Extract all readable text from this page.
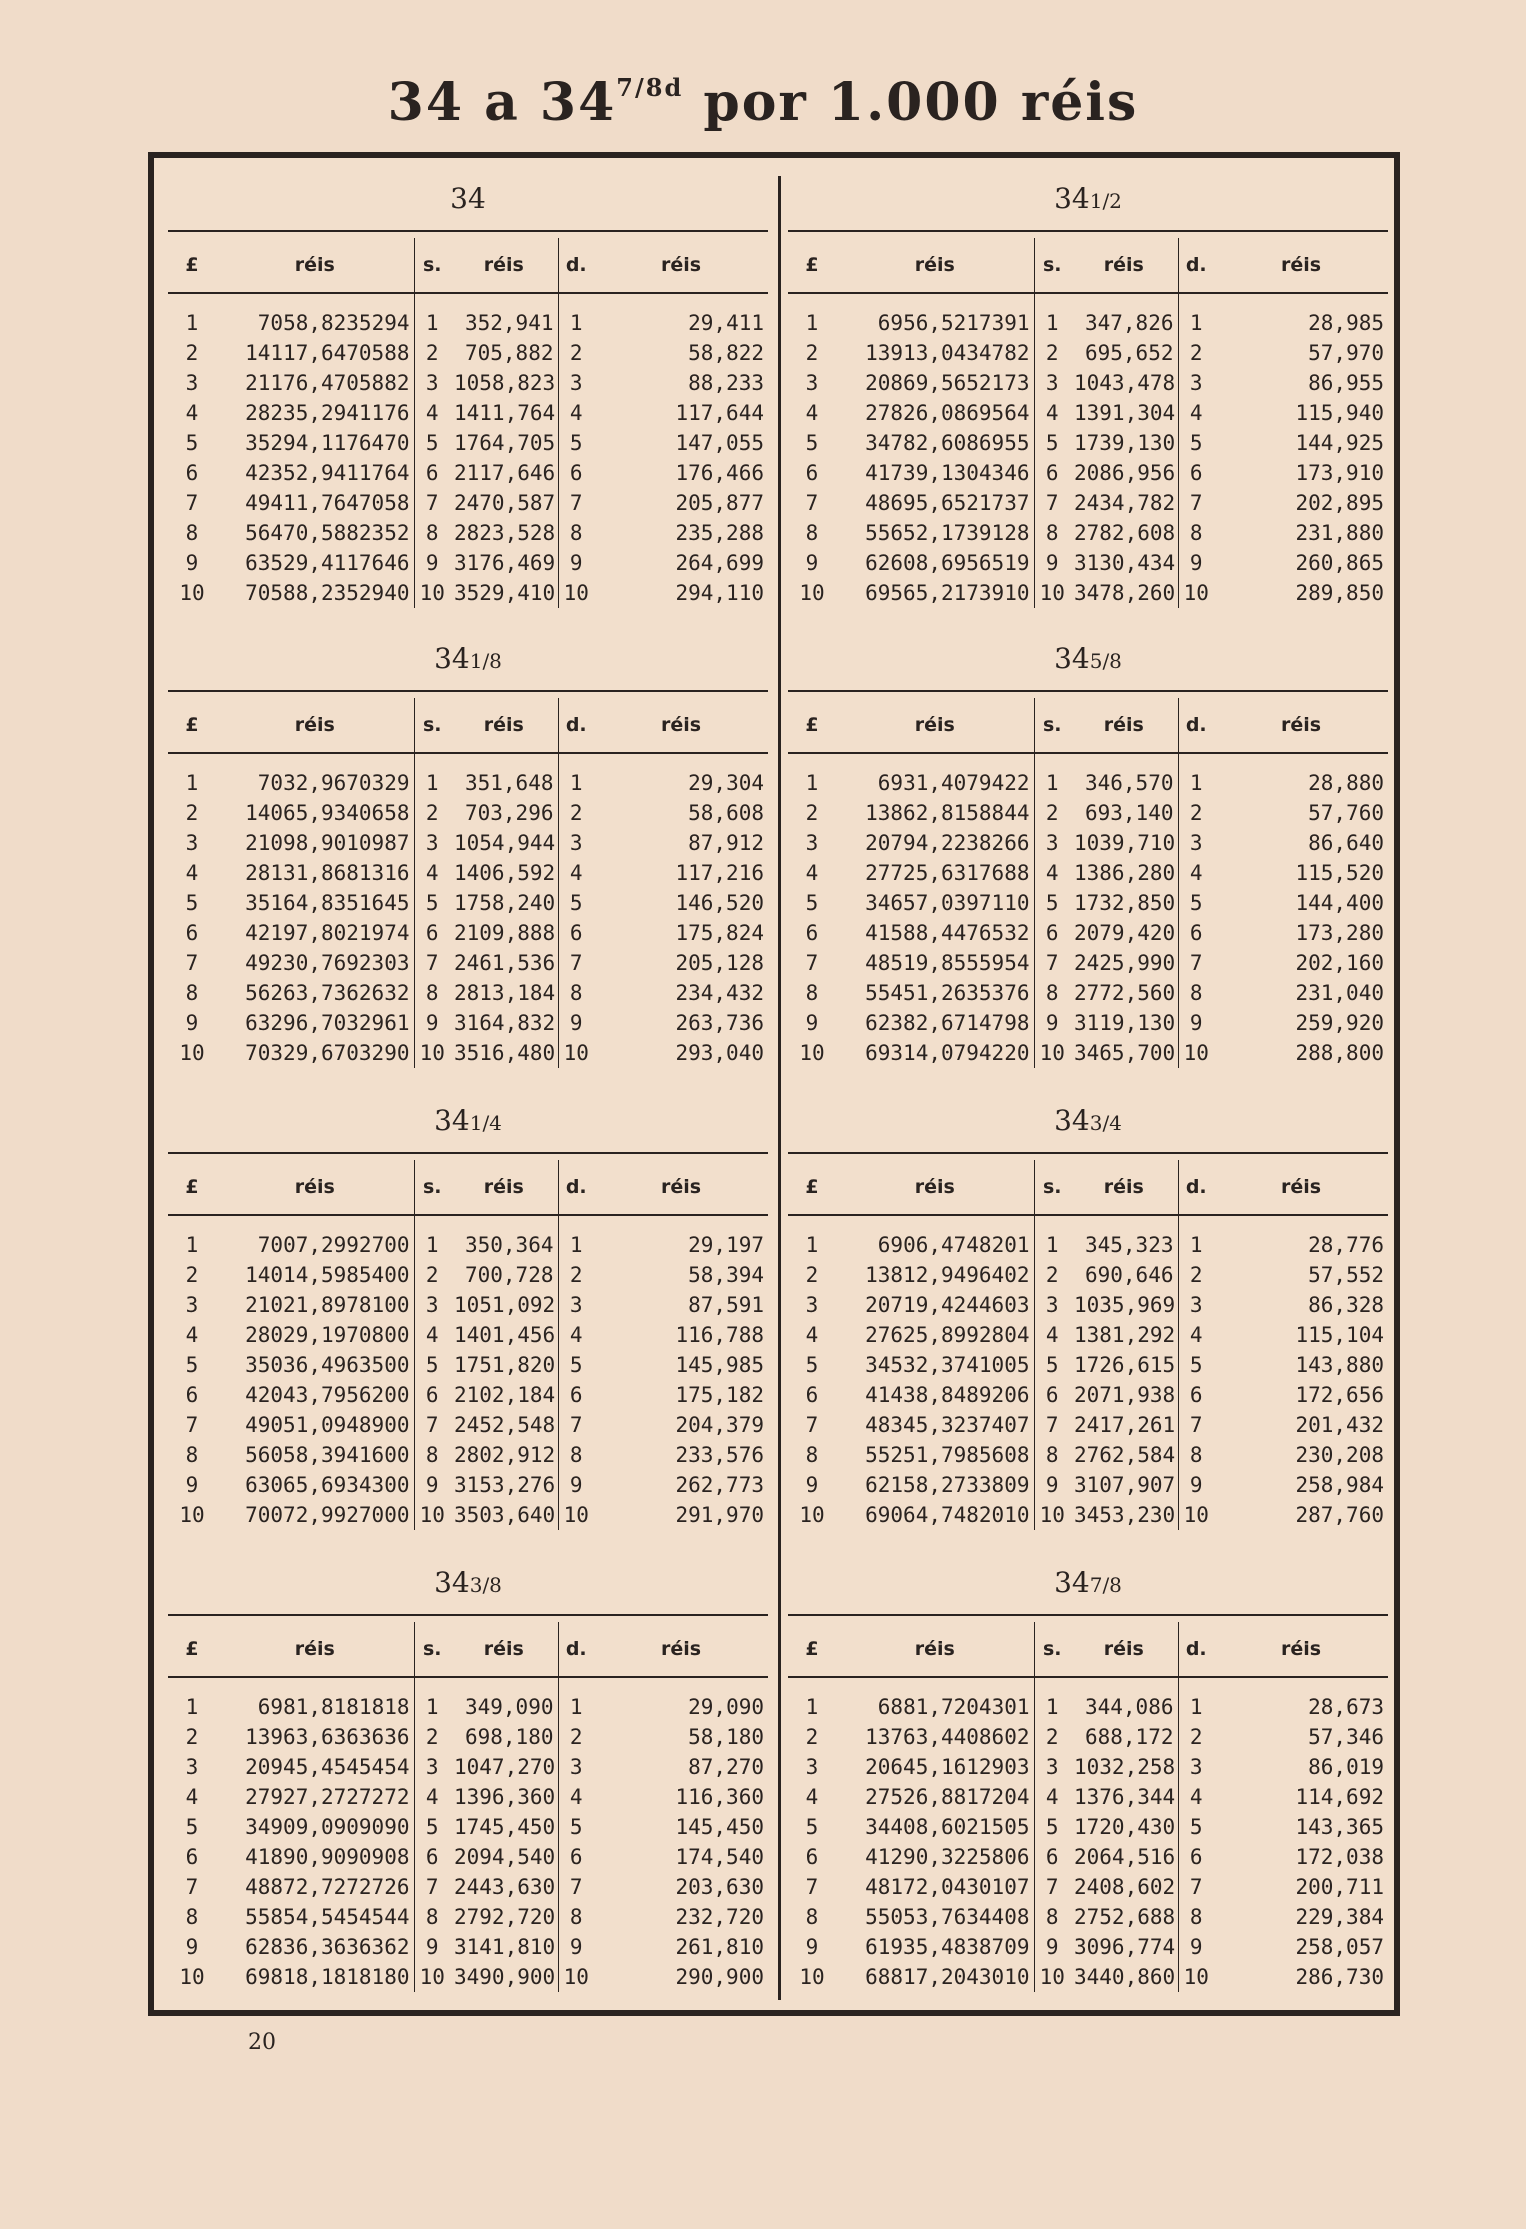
34 a $34^{7/8d}$ por 1.000 réis
34
£	réis	s.	réis	d.	réis
1	7058,8235294	1	352,941	1	29,411
2	14117,6470588	2	705,882	2	58,822
3	21176,4705882	3	1058,823	3	88,233
4	28235,2941176	4	1411,764	4	117,644
5	35294,1176470	5	1764,705	5	147,055
6	42352,9411764	6	2117,646	6	176,466
7	49411,7647058	7	2470,587	7	205,877
8	56470,5882352	8	2823,528	8	235,288
9	63529,4117646	9	3176,469	9	264,699
10	70588,2352940	10	3529,410	10	294,110
341/2
£	réis	s.	réis	d.	réis
1	6956,5217391	1	347,826	1	28,985
2	13913,0434782	2	695,652	2	57,970
3	20869,5652173	3	1043,478	3	86,955
4	27826,0869564	4	1391,304	4	115,940
5	34782,6086955	5	1739,130	5	144,925
6	41739,1304346	6	2086,956	6	173,910
7	48695,6521737	7	2434,782	7	202,895
8	55652,1739128	8	2782,608	8	231,880
9	62608,6956519	9	3130,434	9	260,865
10	69565,2173910	10	3478,260	10	289,850
341/8
£	réis	s.	réis	d.	réis
1	7032,9670329	1	351,648	1	29,304
2	14065,9340658	2	703,296	2	58,608
3	21098,9010987	3	1054,944	3	87,912
4	28131,8681316	4	1406,592	4	117,216
5	35164,8351645	5	1758,240	5	146,520
6	42197,8021974	6	2109,888	6	175,824
7	49230,7692303	7	2461,536	7	205,128
8	56263,7362632	8	2813,184	8	234,432
9	63296,7032961	9	3164,832	9	263,736
10	70329,6703290	10	3516,480	10	293,040
345/8
£	réis	s.	réis	d.	réis
1	6931,4079422	1	346,570	1	28,880
2	13862,8158844	2	693,140	2	57,760
3	20794,2238266	3	1039,710	3	86,640
4	27725,6317688	4	1386,280	4	115,520
5	34657,0397110	5	1732,850	5	144,400
6	41588,4476532	6	2079,420	6	173,280
7	48519,8555954	7	2425,990	7	202,160
8	55451,2635376	8	2772,560	8	231,040
9	62382,6714798	9	3119,130	9	259,920
10	69314,0794220	10	3465,700	10	288,800
341/4
£	réis	s.	réis	d.	réis
1	7007,2992700	1	350,364	1	29,197
2	14014,5985400	2	700,728	2	58,394
3	21021,8978100	3	1051,092	3	87,591
4	28029,1970800	4	1401,456	4	116,788
5	35036,4963500	5	1751,820	5	145,985
6	42043,7956200	6	2102,184	6	175,182
7	49051,0948900	7	2452,548	7	204,379
8	56058,3941600	8	2802,912	8	233,576
9	63065,6934300	9	3153,276	9	262,773
10	70072,9927000	10	3503,640	10	291,970
343/4
£	réis	s.	réis	d.	réis
1	6906,4748201	1	345,323	1	28,776
2	13812,9496402	2	690,646	2	57,552
3	20719,4244603	3	1035,969	3	86,328
4	27625,8992804	4	1381,292	4	115,104
5	34532,3741005	5	1726,615	5	143,880
6	41438,8489206	6	2071,938	6	172,656
7	48345,3237407	7	2417,261	7	201,432
8	55251,7985608	8	2762,584	8	230,208
9	62158,2733809	9	3107,907	9	258,984
10	69064,7482010	10	3453,230	10	287,760
343/8
£	réis	s.	réis	d.	réis
1	6981,8181818	1	349,090	1	29,090
2	13963,6363636	2	698,180	2	58,180
3	20945,4545454	3	1047,270	3	87,270
4	27927,2727272	4	1396,360	4	116,360
5	34909,0909090	5	1745,450	5	145,450
6	41890,9090908	6	2094,540	6	174,540
7	48872,7272726	7	2443,630	7	203,630
8	55854,5454544	8	2792,720	8	232,720
9	62836,3636362	9	3141,810	9	261,810
10	69818,1818180	10	3490,900	10	290,900
347/8
£	réis	s.	réis	d.	réis
1	6881,7204301	1	344,086	1	28,673
2	13763,4408602	2	688,172	2	57,346
3	20645,1612903	3	1032,258	3	86,019
4	27526,8817204	4	1376,344	4	114,692
5	34408,6021505	5	1720,430	5	143,365
6	41290,3225806	6	2064,516	6	172,038
7	48172,0430107	7	2408,602	7	200,711
8	55053,7634408	8	2752,688	8	229,384
9	61935,4838709	9	3096,774	9	258,057
10	68817,2043010	10	3440,860	10	286,730
20
